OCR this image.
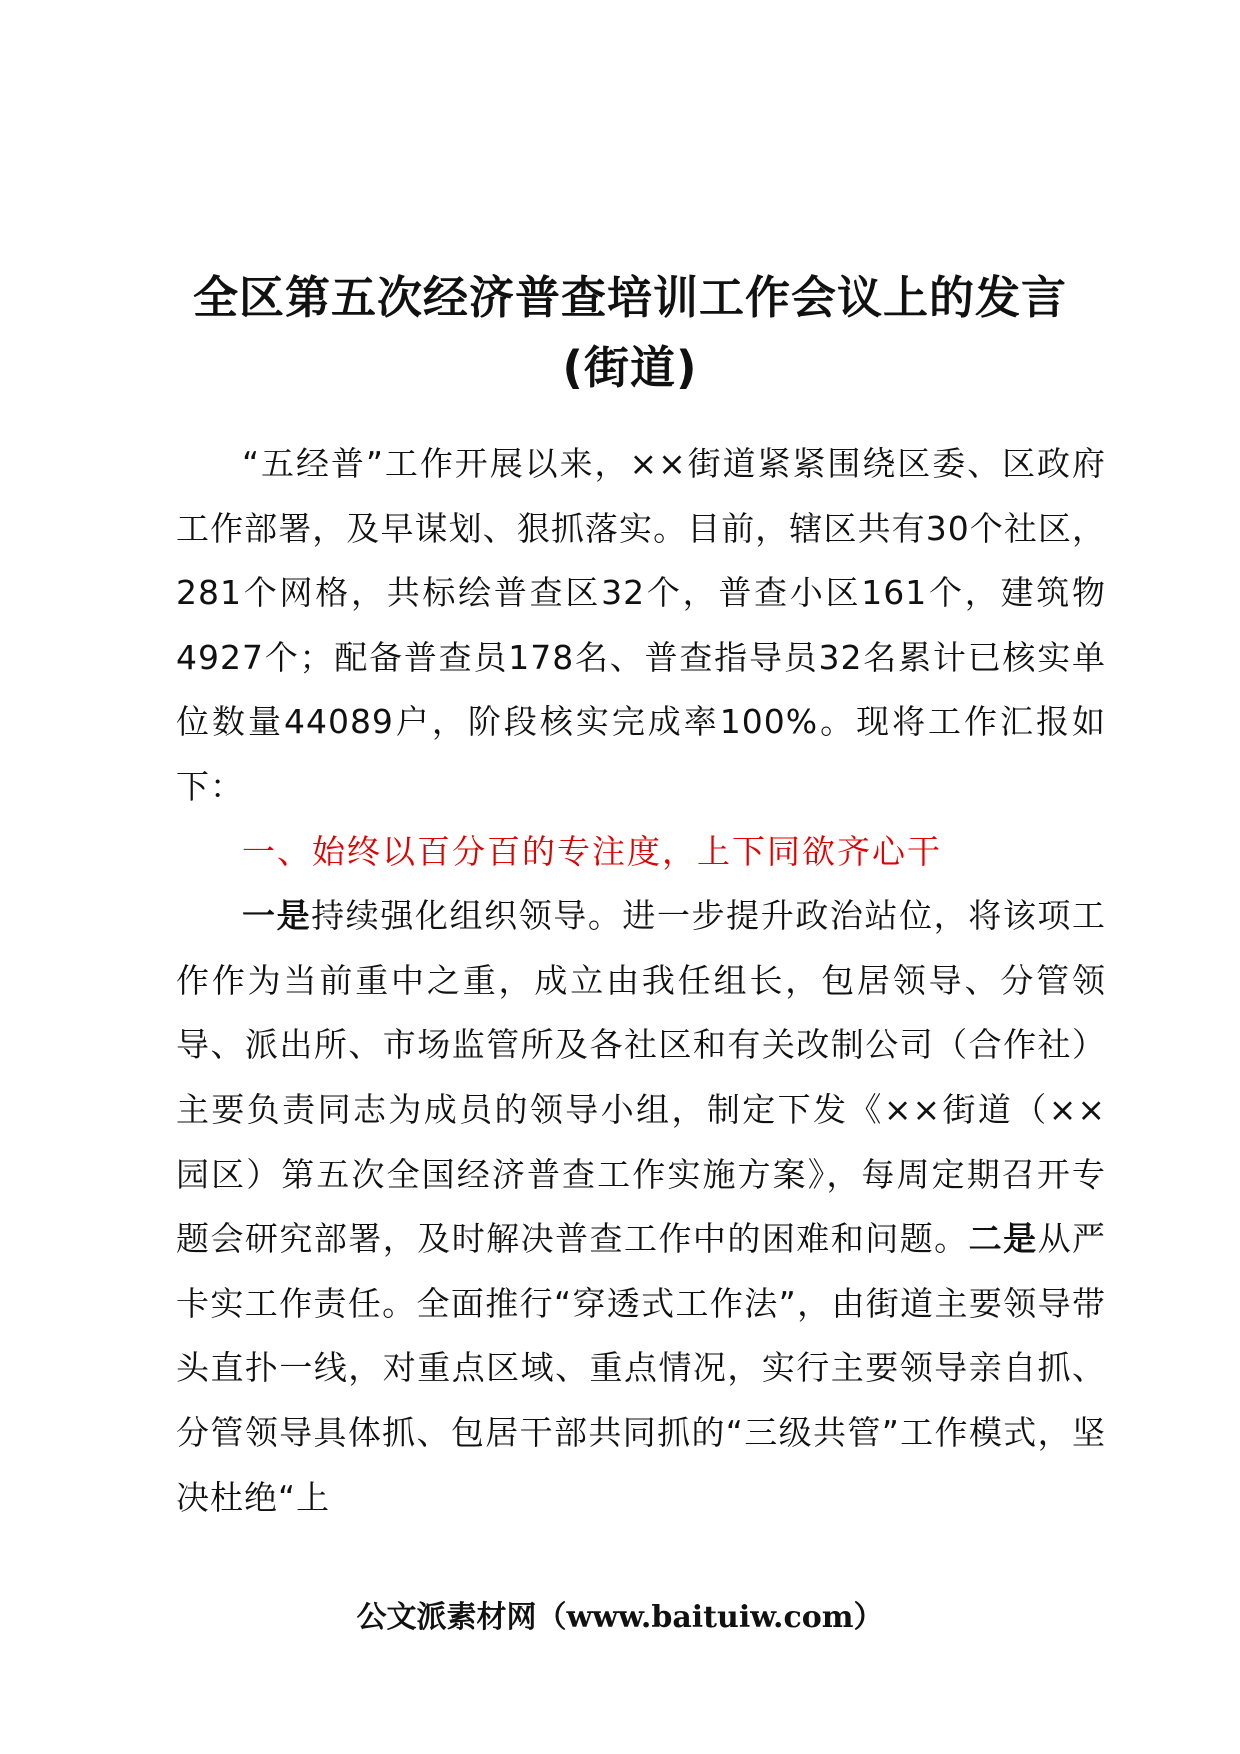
全区第五次经济普查培训工作会议上的发言
(街道)

“五经普”工作开展以来，××街道紧紧围绕区委、区政府工作部署，及早谋划、狠抓落实。目前，辖区共有30个社区，281个网格，共标绘普查区32个，普查小区161个，建筑物4927个；配备普查员178名、普查指导员32名累计已核实单位数量44089户，阶段核实完成率100%。现将工作汇报如下：

一、始终以百分百的专注度，上下同欲齐心干

一是持续强化组织领导。进一步提升政治站位，将该项工作作为当前重中之重，成立由我任组长，包居领导、分管领导、派出所、市场监管所及各社区和有关改制公司（合作社）主要负责同志为成员的领导小组，制定下发《××街道（××园区）第五次全国经济普查工作实施方案》，每周定期召开专题会研究部署，及时解决普查工作中的困难和问题。二是从严卡实工作责任。全面推行“穿透式工作法”，由街道主要领导带头直扑一线，对重点区域、重点情况，实行主要领导亲自抓、分管领导具体抓、包居干部共同抓的“三级共管”工作模式，坚决杜绝“上

公文派素材网（www.baituiw.com）
